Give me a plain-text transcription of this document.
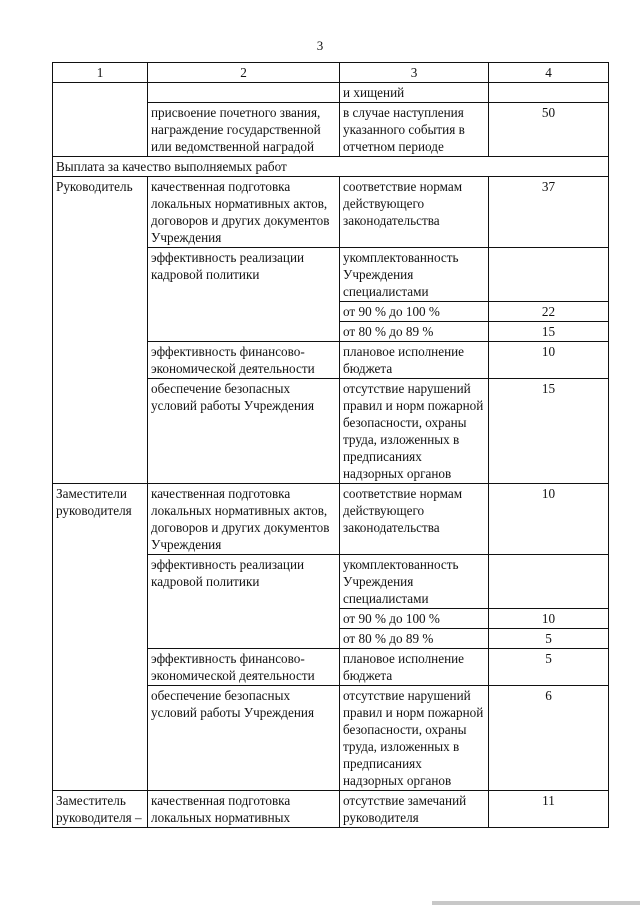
3
1	2	3	4
		и хищений	
	присвоение почетного звания, награждение государственной или ведомственной наградой	в случае наступления указанного события в отчетном периоде	50
Выплата за качество выполняемых работ			
Руководитель	качественная подготовка локальных нормативных актов, договоров и других документов Учреждения	соответствие нормам действующего законодательства	37
	эффективность реализации кадровой политики	укомплектованность Учреждения специалистами	
		от 90 % до 100 %	22
		от 80 % до 89 %	15
	эффективность финансово-экономической деятельности	плановое исполнение бюджета	10
	обеспечение безопасных условий работы Учреждения	отсутствие нарушений правил и норм пожарной безопасности, охраны труда, изложенных в предписаниях надзорных органов	15
Заместители руководителя	качественная подготовка локальных нормативных актов, договоров и других документов Учреждения	соответствие нормам действующего законодательства	10
	эффективность реализации кадровой политики	укомплектованность Учреждения специалистами	
		от 90 % до 100 %	10
		от 80 % до 89 %	5
	эффективность финансово-экономической деятельности	плановое исполнение бюджета	5
	обеспечение безопасных условий работы Учреждения	отсутствие нарушений правил и норм пожарной безопасности, охраны труда, изложенных в предписаниях надзорных органов	6
Заместитель руководителя –	качественная подготовка локальных нормативных	отсутствие замечаний руководителя	11
